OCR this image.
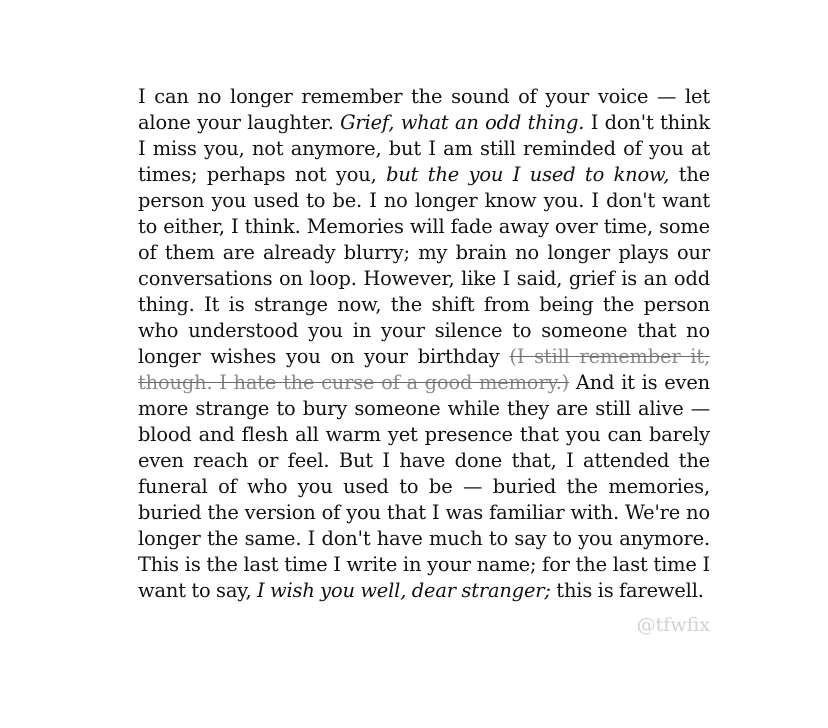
I can no longer remember the sound of your voice — let alone your laughter. Grief, what an odd thing. I don't think I miss you, not anymore, but I am still reminded of you at times; perhaps not you, but the you I used to know, the person you used to be. I no longer know you. I don't want to either, I think. Memories will fade away over time, some of them are already blurry; my brain no longer plays our conversations on loop. However, like I said, grief is an odd thing. It is strange now, the shift from being the person who understood you in your silence to someone that no longer wishes you on your birthday (I still remember it, though. I hate the curse of a good memory.) And it is even more strange to bury someone while they are still alive — blood and flesh all warm yet presence that you can barely even reach or feel. But I have done that, I attended the funeral of who you used to be — buried the memories, buried the version of you that I was familiar with. We're no longer the same. I don't have much to say to you anymore. This is the last time I write in your name; for the last time I want to say, I wish you well, dear stranger; this is farewell.

@tfwfix
